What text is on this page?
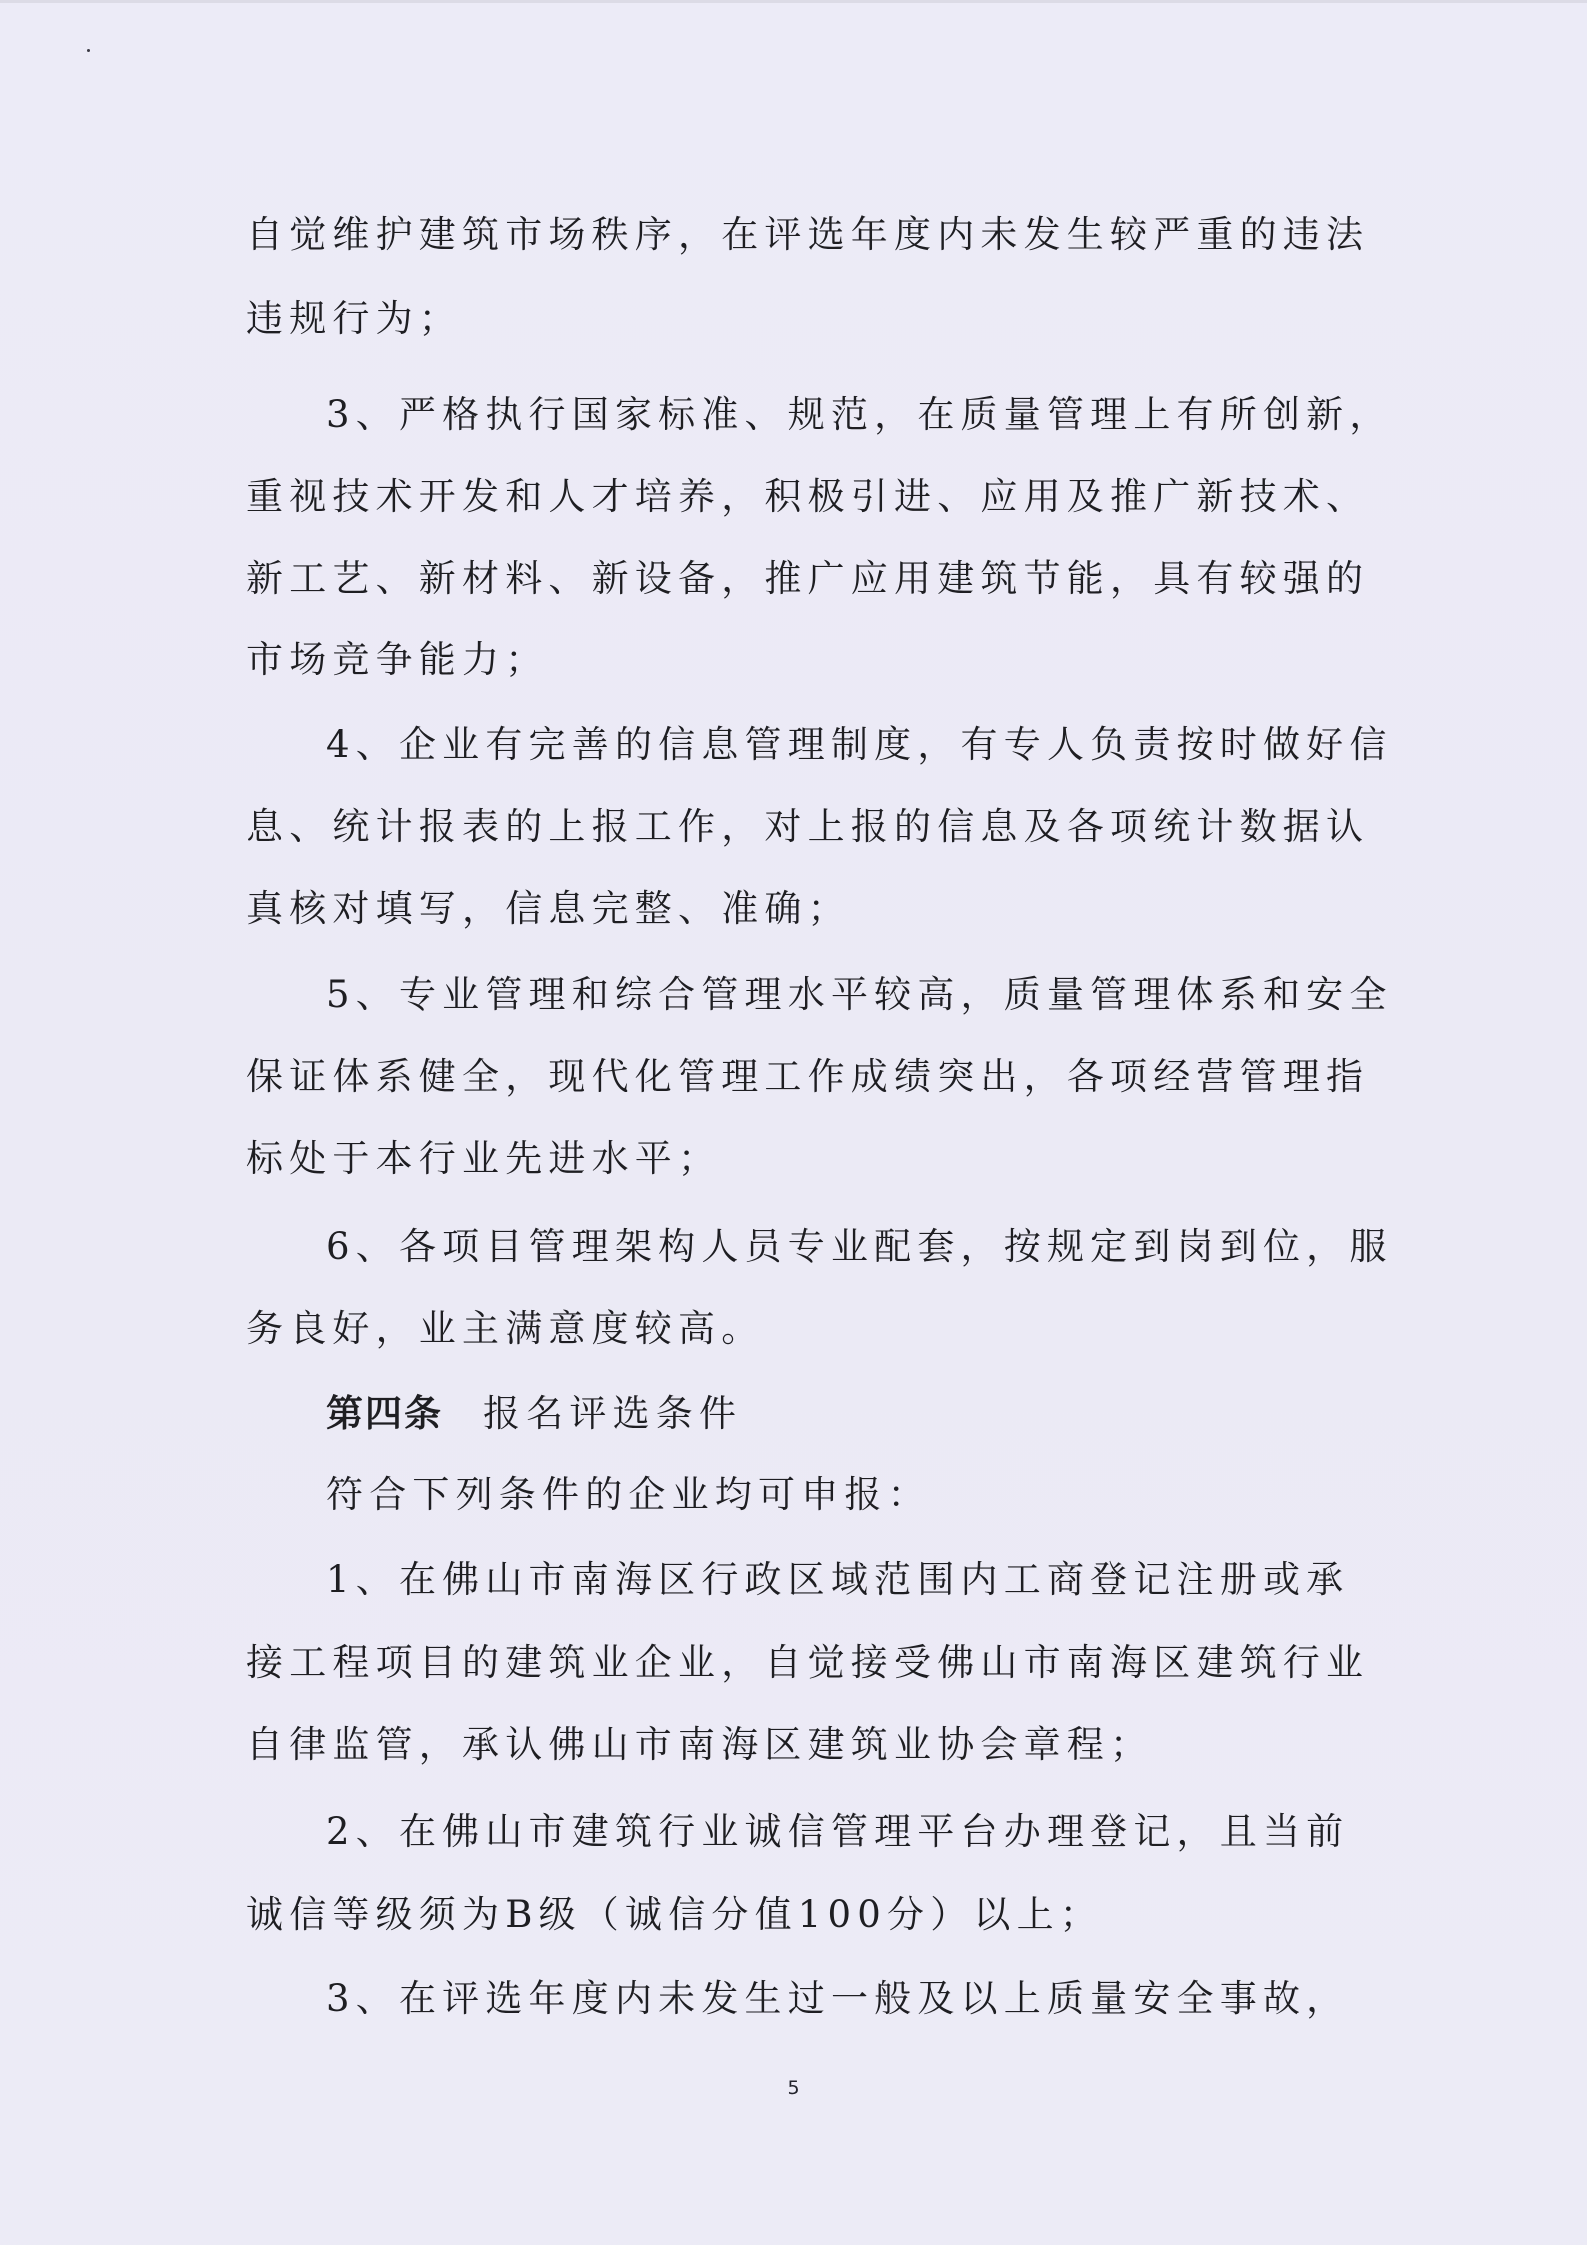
自觉维护建筑市场秩序，在评选年度内未发生较严重的违法
违规行为；
3、严格执行国家标准、规范，在质量管理上有所创新，
重视技术开发和人才培养，积极引进、应用及推广新技术、
新工艺、新材料、新设备，推广应用建筑节能，具有较强的
市场竞争能力；
4、企业有完善的信息管理制度，有专人负责按时做好信
息、统计报表的上报工作，对上报的信息及各项统计数据认
真核对填写，信息完整、准确；
5、专业管理和综合管理水平较高，质量管理体系和安全
保证体系健全，现代化管理工作成绩突出，各项经营管理指
标处于本行业先进水平；
6、各项目管理架构人员专业配套，按规定到岗到位，服
务良好，业主满意度较高。
第四条 报名评选条件
符合下列条件的企业均可申报：
1、在佛山市南海区行政区域范围内工商登记注册或承
接工程项目的建筑业企业，自觉接受佛山市南海区建筑行业
自律监管，承认佛山市南海区建筑业协会章程；
2、在佛山市建筑行业诚信管理平台办理登记，且当前
诚信等级须为B级（诚信分值100分）以上；
3、在评选年度内未发生过一般及以上质量安全事故，
5
